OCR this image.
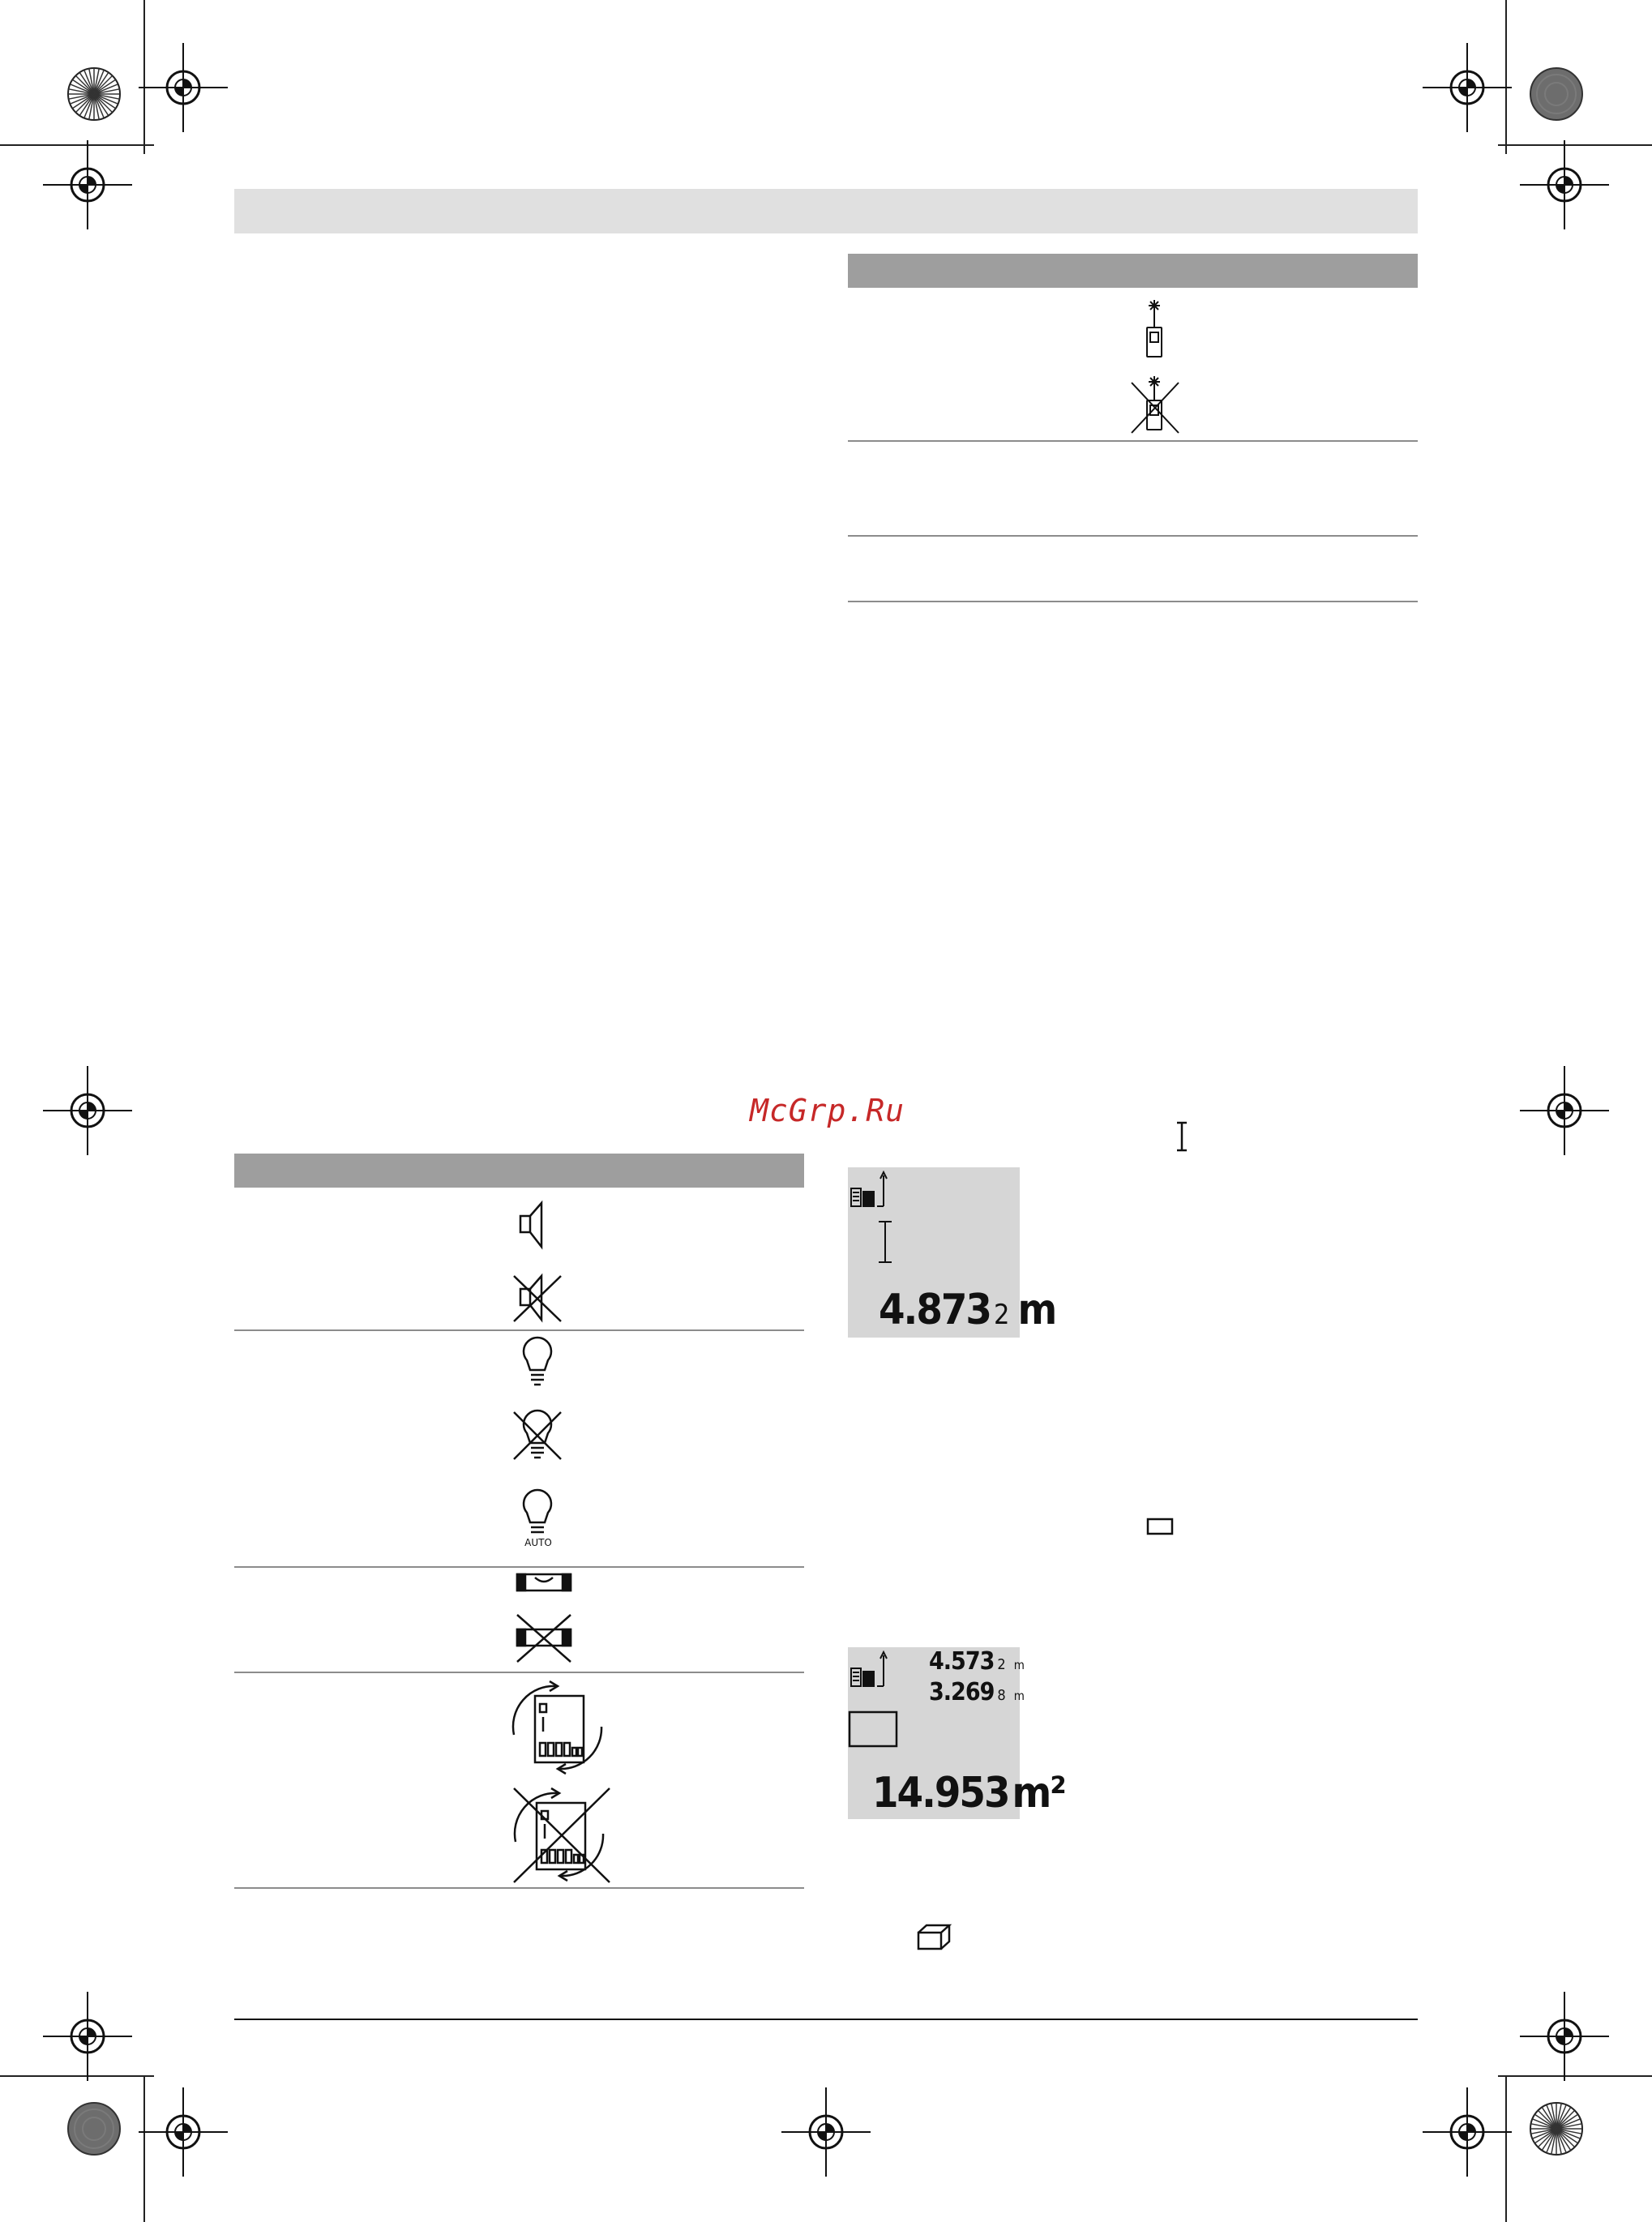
McGrp.Ru
AUTO
4.873 2 m
4.573 2 m
3.269 8 m
14.953m²
